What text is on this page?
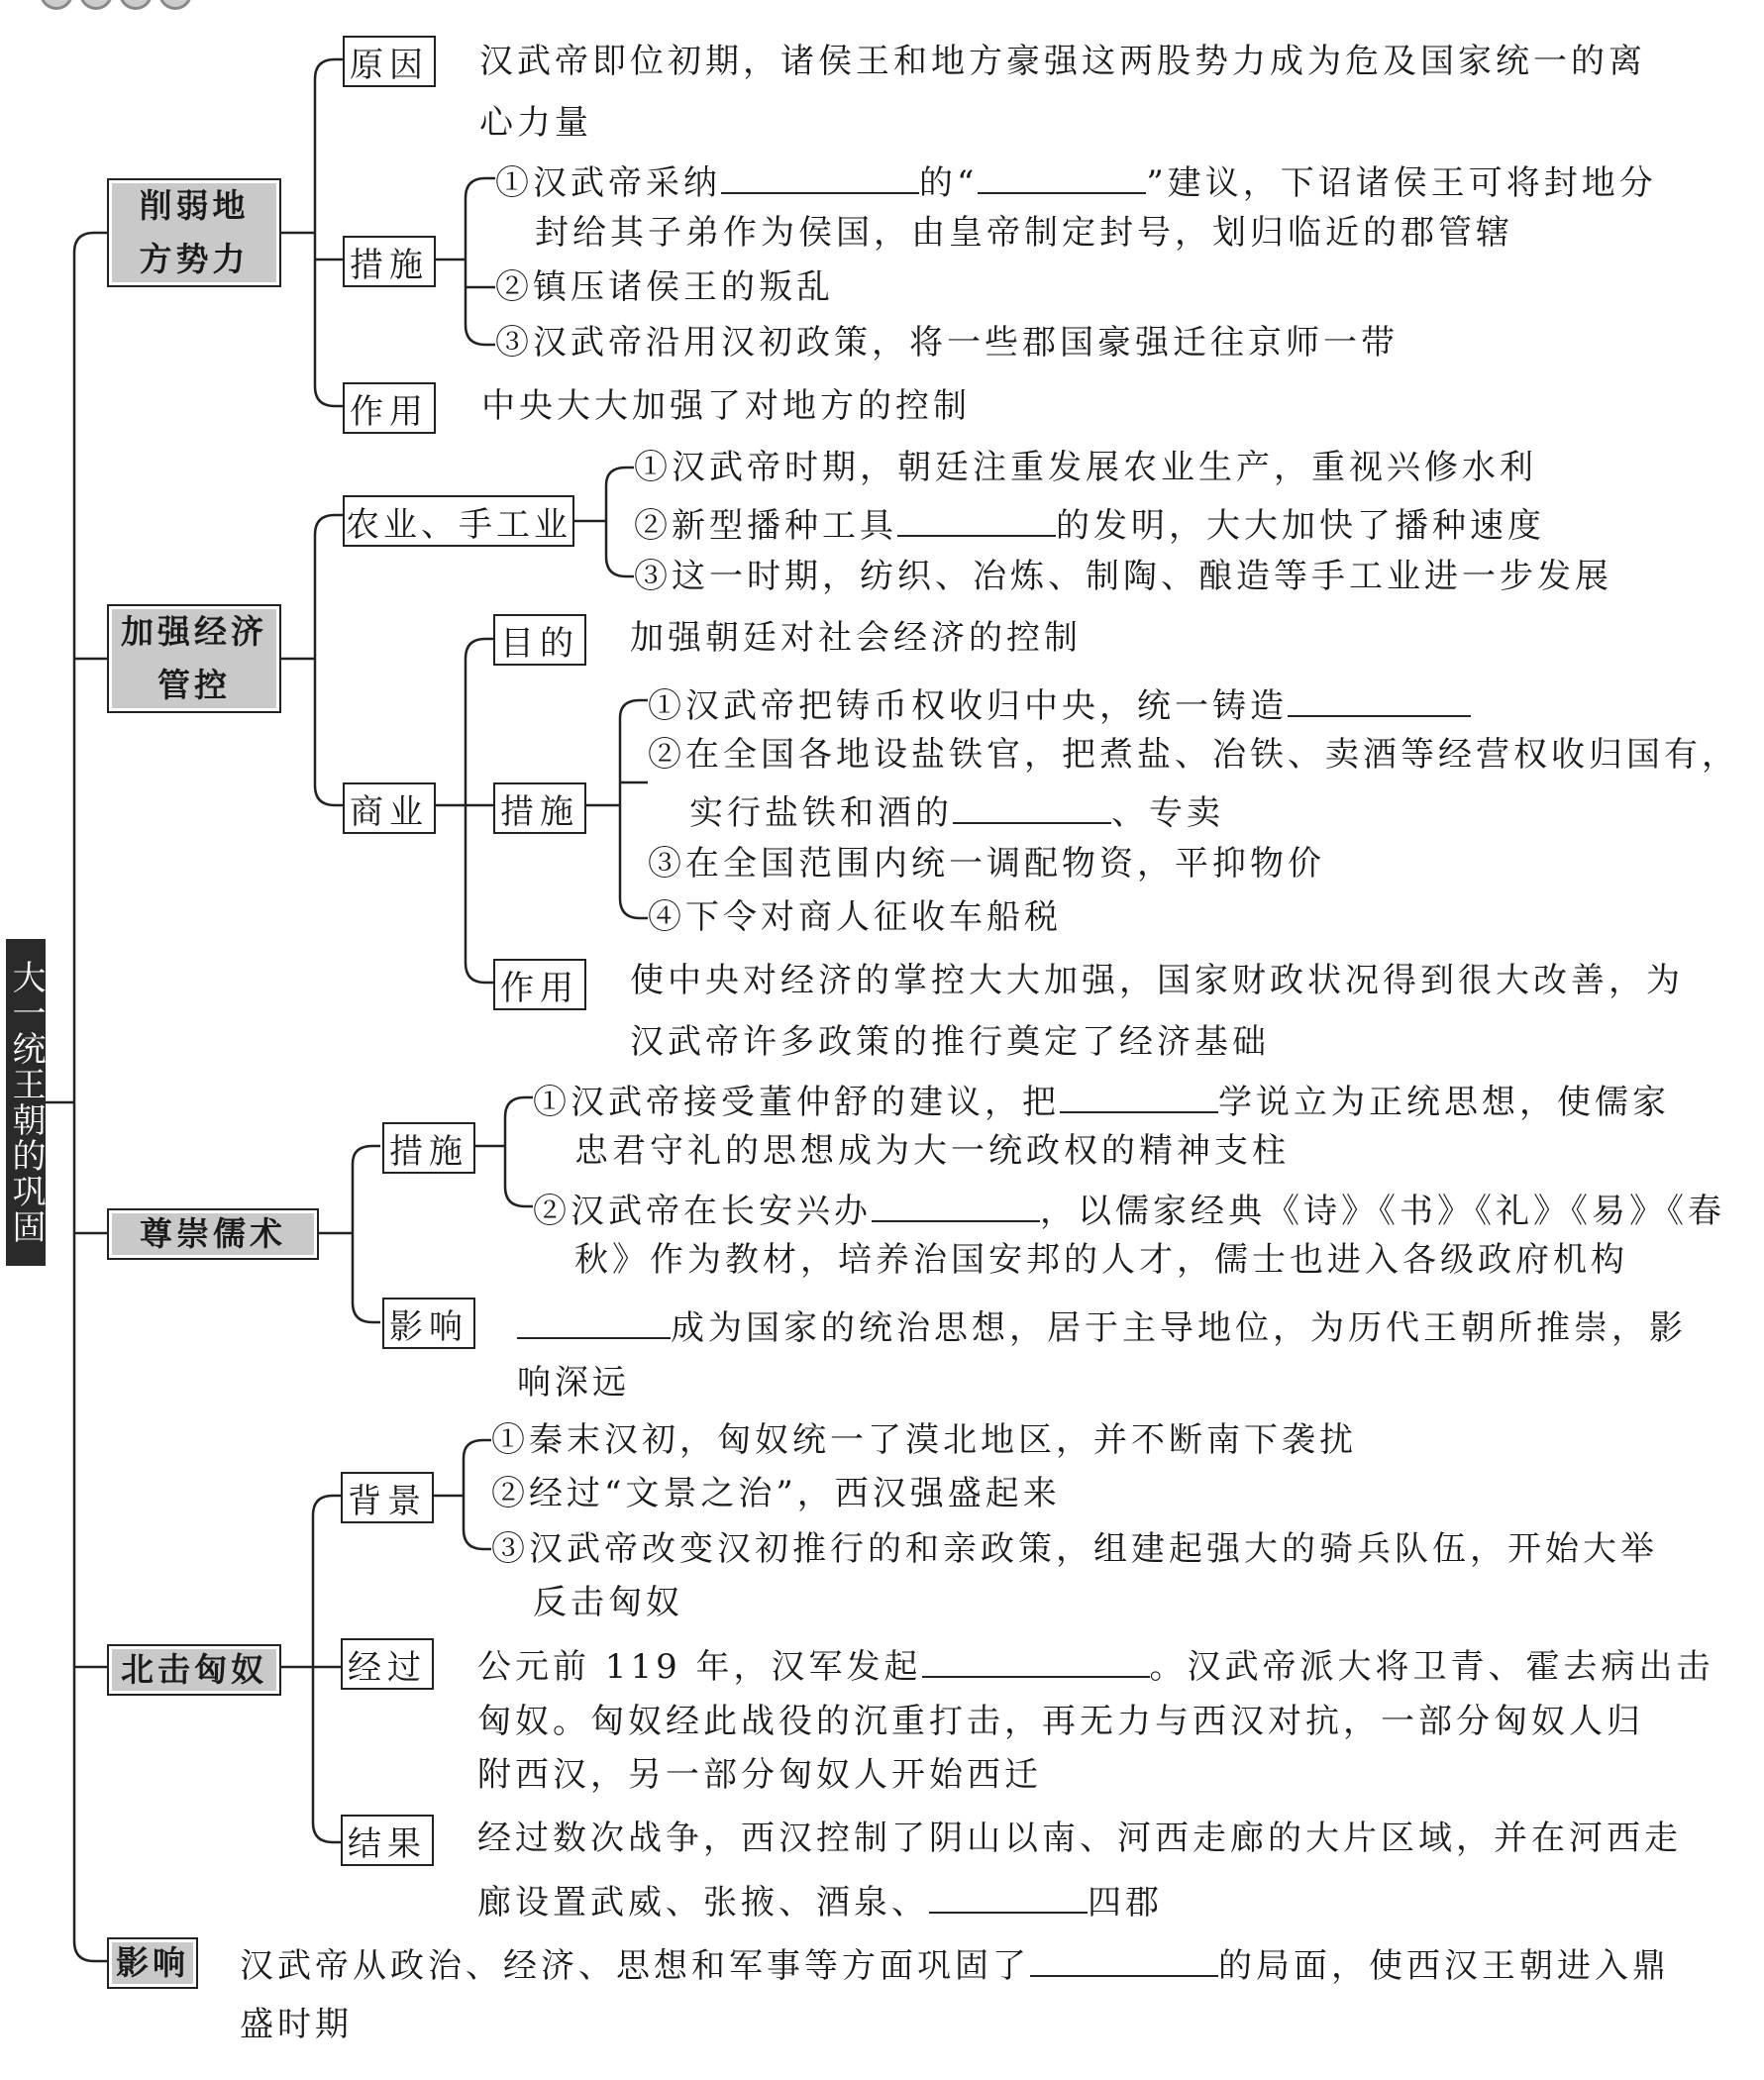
大一统王朝的巩固
削弱地
方势力
原因 汉武帝即位初期，诸侯王和地方豪强这两股势力成为危及国家统一的离
心力量
措施
①汉武帝采纳	的“	”建议，下诏诸侯王可将封地分
封给其子弟作为侯国，由皇帝制定封号，划归临近的郡管辖
②镇压诸侯王的叛乱
③汉武帝沿用汉初政策，将一些郡国豪强迁往京师一带
作用 中央大大加强了对地方的控制
加强经济
管控
农业、手工业
①汉武帝时期，朝廷注重发展农业生产，重视兴修水利
②新型播种工具	的发明，大大加快了播种速度
③这一时期，纺织、冶炼、制陶、酿造等手工业进一步发展
商业
目的 加强朝廷对社会经济的控制
措施
①汉武帝把铸币权收归中央，统一铸造
②在全国各地设盐铁官，把煮盐、冶铁、卖酒等经营权收归国有，
实行盐铁和酒的	、专卖
③在全国范围内统一调配物资，平抑物价
④下令对商人征收车船税
作用 使中央对经济的掌控大大加强，国家财政状况得到很大改善，为
汉武帝许多政策的推行奠定了经济基础
尊崇儒术
措施
①汉武帝接受董仲舒的建议，把	学说立为正统思想，使儒家
忠君守礼的思想成为大一统政权的精神支柱
②汉武帝在长安兴办	，以儒家经典《诗》《书》《礼》《易》《春
秋》作为教材，培养治国安邦的人才，儒士也进入各级政府机构
影响	成为国家的统治思想，居于主导地位，为历代王朝所推崇，影
响深远
北击匈奴
背景
①秦末汉初，匈奴统一了漠北地区，并不断南下袭扰
②经过“文景之治”，西汉强盛起来
③汉武帝改变汉初推行的和亲政策，组建起强大的骑兵队伍，开始大举
反击匈奴
经过 公元前 119 年，汉军发起	。汉武帝派大将卫青、霍去病出击
匈奴。匈奴经此战役的沉重打击，再无力与西汉对抗，一部分匈奴人归
附西汉，另一部分匈奴人开始西迁
结果 经过数次战争，西汉控制了阴山以南、河西走廊的大片区域，并在河西走
廊设置武威、张掖、酒泉、	四郡
影响 汉武帝从政治、经济、思想和军事等方面巩固了	的局面，使西汉王朝进入鼎
盛时期
